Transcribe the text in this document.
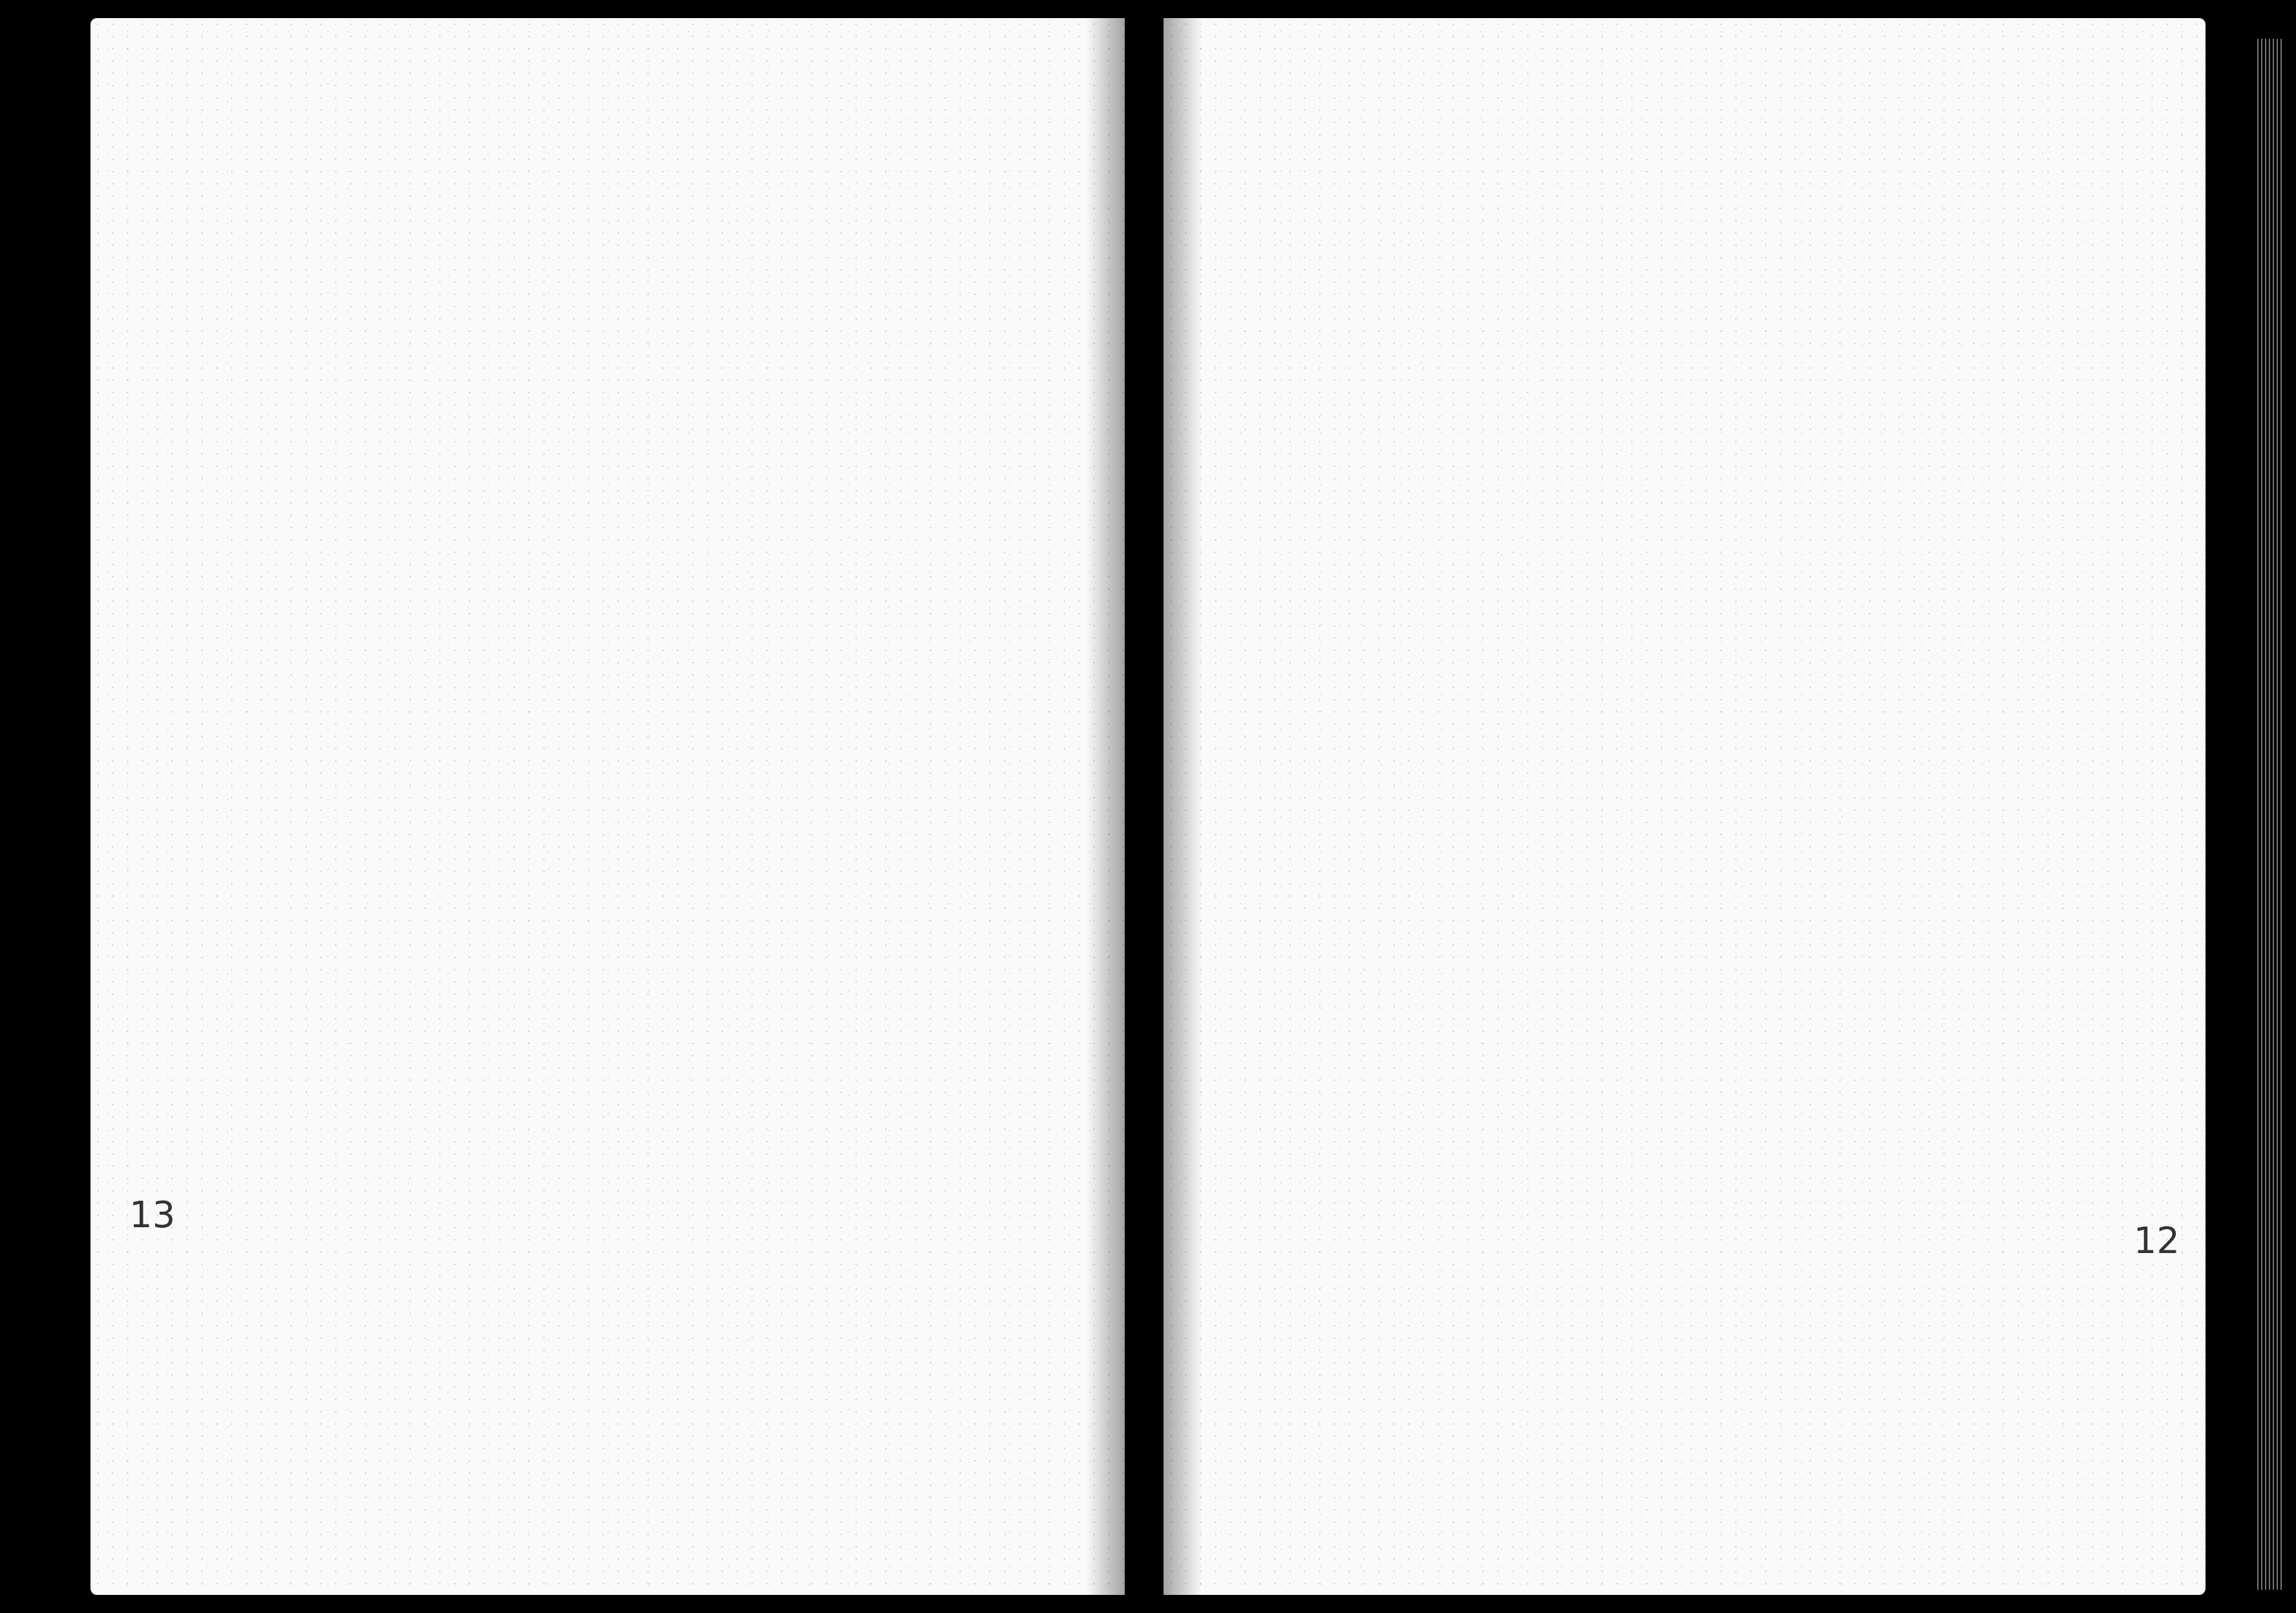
13
12
